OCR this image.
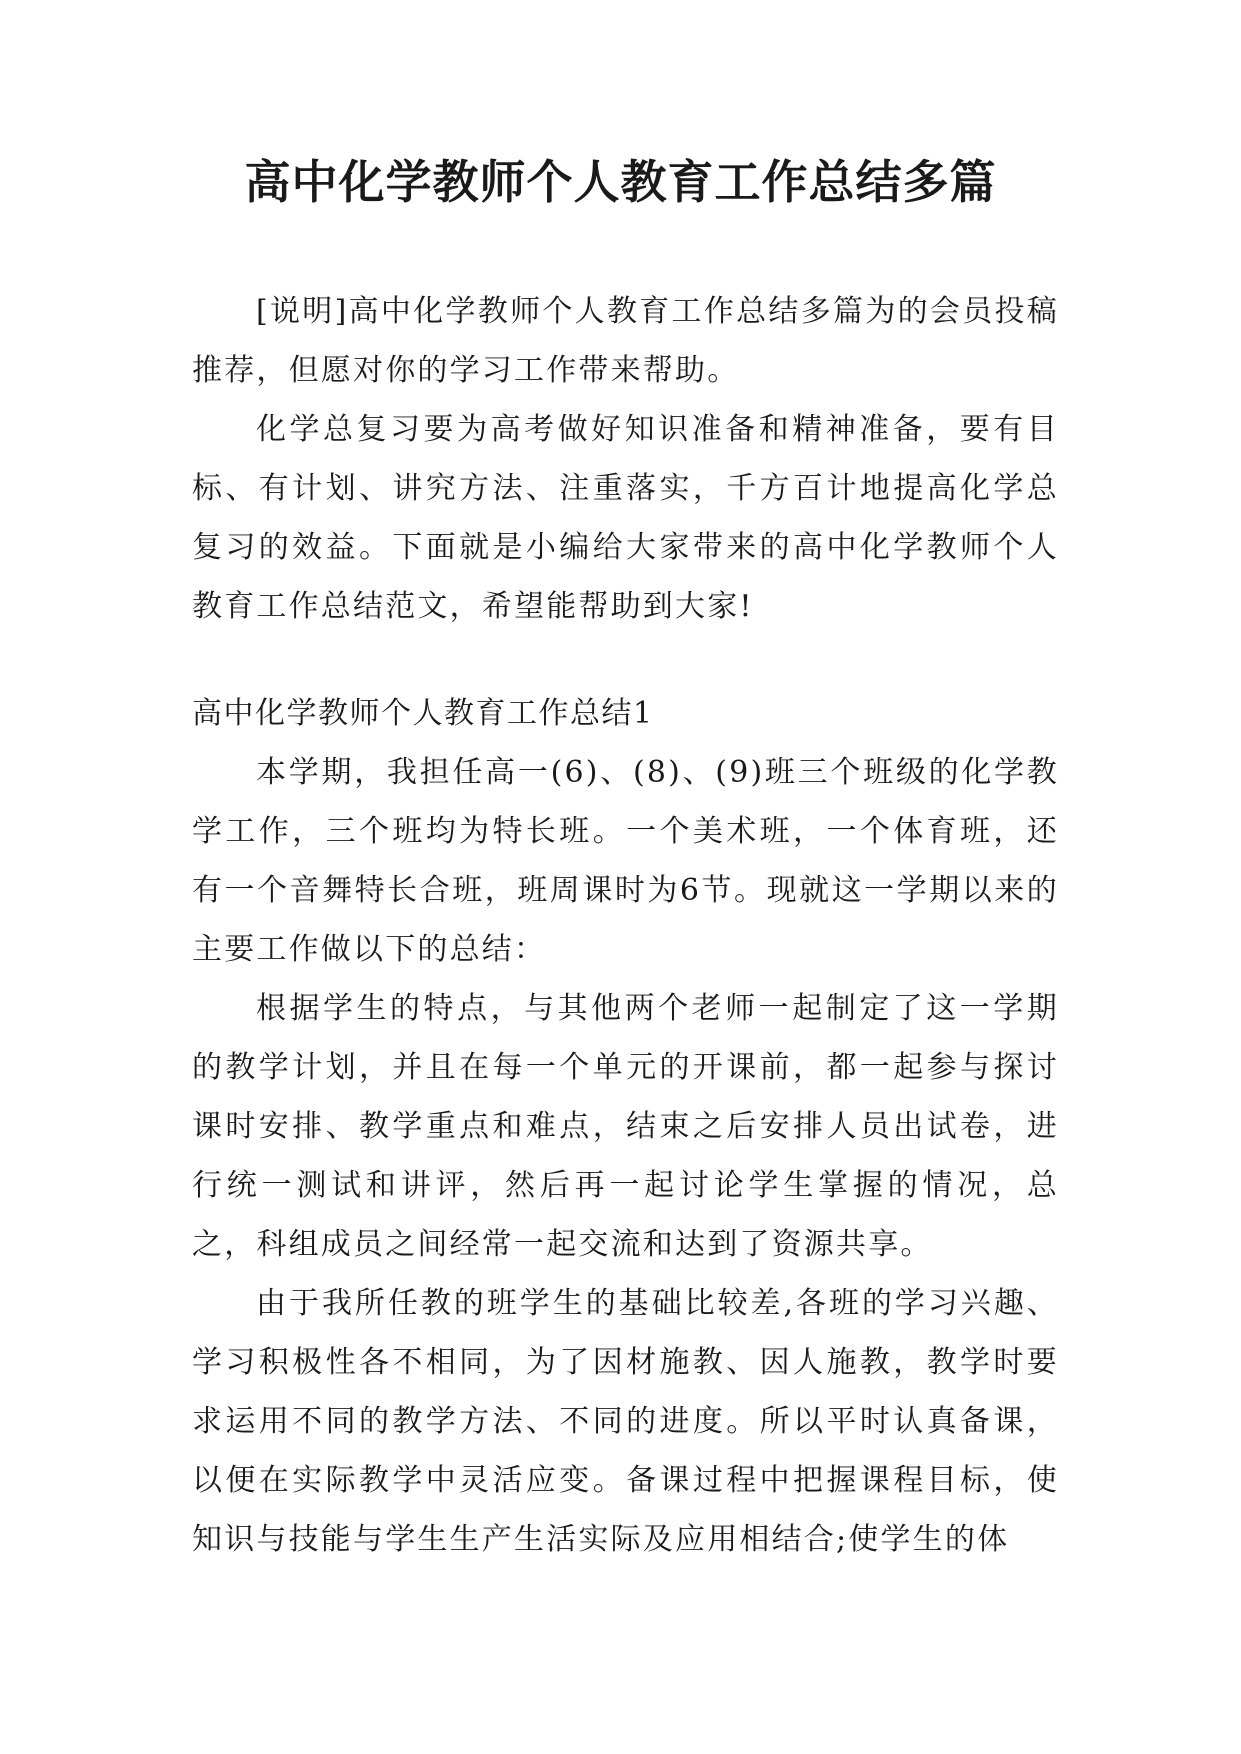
高中化学教师个人教育工作总结多篇

[说明]高中化学教师个人教育工作总结多篇为的会员投稿推荐，但愿对你的学习工作带来帮助。

化学总复习要为高考做好知识准备和精神准备，要有目标、有计划、讲究方法、注重落实，千方百计地提高化学总复习的效益。下面就是小编给大家带来的高中化学教师个人教育工作总结范文，希望能帮助到大家!

高中化学教师个人教育工作总结1

本学期，我担任高一(6)、(8)、(9)班三个班级的化学教学工作，三个班均为特长班。一个美术班，一个体育班，还有一个音舞特长合班，班周课时为6节。现就这一学期以来的主要工作做以下的总结：

根据学生的特点，与其他两个老师一起制定了这一学期的教学计划，并且在每一个单元的开课前，都一起参与探讨课时安排、教学重点和难点，结束之后安排人员出试卷，进行统一测试和讲评，然后再一起讨论学生掌握的情况，总之，科组成员之间经常一起交流和达到了资源共享。

由于我所任教的班学生的基础比较差,各班的学习兴趣、学习积极性各不相同，为了因材施教、因人施教，教学时要求运用不同的教学方法、不同的进度。所以平时认真备课，以便在实际教学中灵活应变。备课过程中把握课程目标，使知识与技能与学生生产生活实际及应用相结合;使学生的体
